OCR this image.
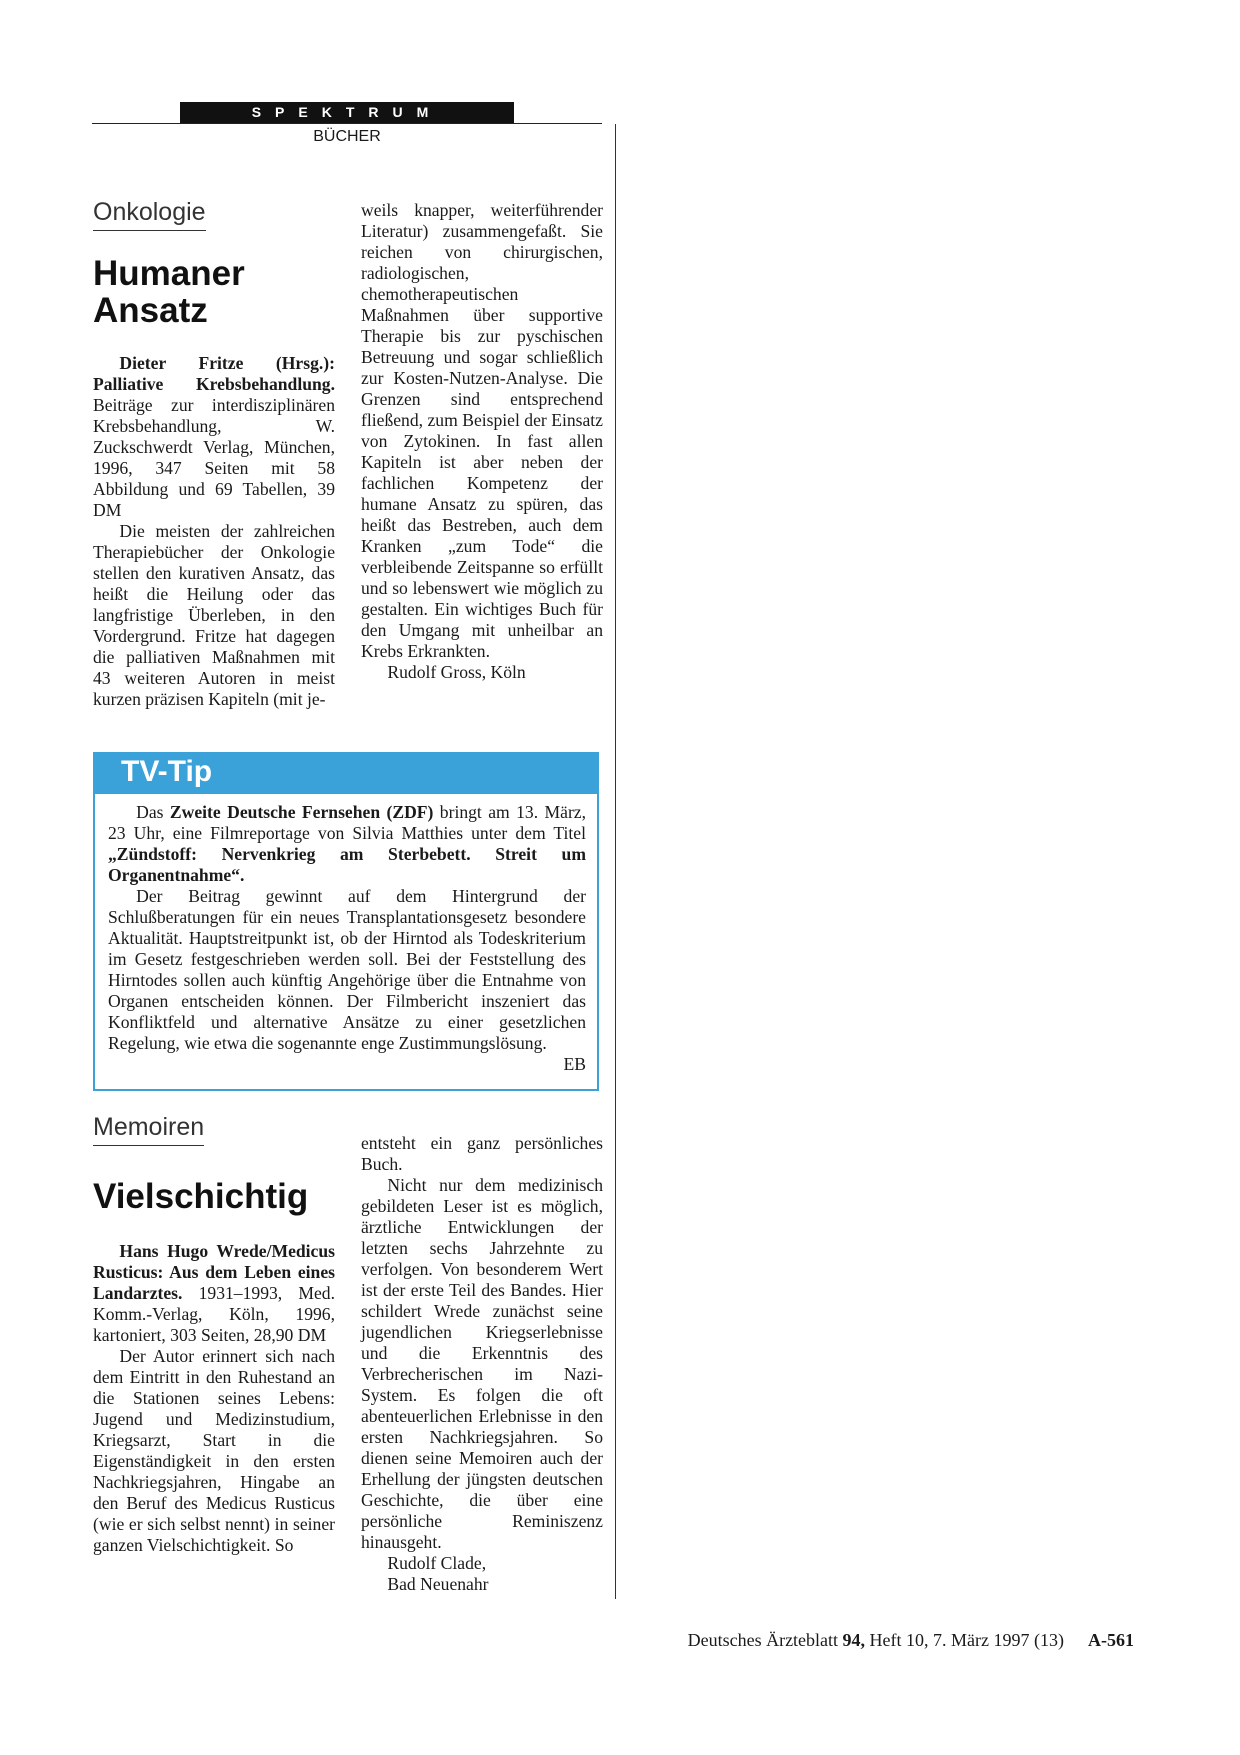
SPEKTRUM
BÜCHER
Onkologie
Humaner
Ansatz

Dieter Fritze (Hrsg.): Palliative Krebsbehandlung. Beiträge zur interdisziplinären Krebsbehandlung, W. Zuckschwerdt Verlag, München, 1996, 347 Seiten mit 58 Abbildung und 69 Tabellen, 39 DM

Die meisten der zahlreichen Therapiebücher der Onkologie stellen den kurativen Ansatz, das heißt die Heilung oder das langfristige Überleben, in den Vordergrund. Fritze hat dagegen die palliativen Maßnahmen mit 43 weiteren Autoren in meist kurzen präzisen Kapiteln (mit je-

weils knapper, weiterführender Literatur) zusammengefaßt. Sie reichen von chirurgischen, radiologischen, chemotherapeutischen Maßnahmen über supportive Therapie bis zur pyschischen Betreuung und sogar schließlich zur Kosten-Nutzen-Analyse. Die Grenzen sind entsprechend fließend, zum Beispiel der Einsatz von Zytokinen. In fast allen Kapiteln ist aber neben der fachlichen Kompetenz der humane Ansatz zu spüren, das heißt das Bestreben, auch dem Kranken „zum Tode“ die verbleibende Zeitspanne so erfüllt und so lebenswert wie möglich zu gestalten. Ein wichtiges Buch für den Umgang mit unheilbar an Krebs Erkrankten.

Rudolf Gross, Köln

TV-Tip

Das Zweite Deutsche Fernsehen (ZDF) bringt am 13. März, 23 Uhr, eine Filmreportage von Silvia Matthies unter dem Titel „Zündstoff: Nervenkrieg am Sterbebett. Streit um Organentnahme“.

Der Beitrag gewinnt auf dem Hintergrund der Schlußberatungen für ein neues Transplantationsgesetz besondere Aktualität. Hauptstreitpunkt ist, ob der Hirntod als Todeskriterium im Gesetz festgeschrieben werden soll. Bei der Feststellung des Hirntodes sollen auch künftig Angehörige über die Entnahme von Organen entscheiden können. Der Filmbericht inszeniert das Konfliktfeld und alternative Ansätze zu einer gesetzlichen Regelung, wie etwa die sogenannte enge Zustimmungslösung.
EB

Memoiren
Vielschichtig

Hans Hugo Wrede/Medicus Rusticus: Aus dem Leben eines Landarztes. 1931–1993, Med. Komm.-Verlag, Köln, 1996, kartoniert, 303 Seiten, 28,90 DM

Der Autor erinnert sich nach dem Eintritt in den Ruhestand an die Stationen seines Lebens: Jugend und Medizinstudium, Kriegsarzt, Start in die Eigenständigkeit in den ersten Nachkriegsjahren, Hingabe an den Beruf des Medicus Rusticus (wie er sich selbst nennt) in seiner ganzen Vielschichtigkeit. So

entsteht ein ganz persönliches Buch.

Nicht nur dem medizinisch gebildeten Leser ist es möglich, ärztliche Entwicklungen der letzten sechs Jahrzehnte zu verfolgen. Von besonderem Wert ist der erste Teil des Bandes. Hier schildert Wrede zunächst seine jugendlichen Kriegserlebnisse und die Erkenntnis des Verbrecherischen im Nazi-System. Es folgen die oft abenteuerlichen Erlebnisse in den ersten Nachkriegsjahren. So dienen seine Memoiren auch der Erhellung der jüngsten deutschen Geschichte, die über eine persönliche Reminiszenz hinausgeht.

Rudolf Clade,

Bad Neuenahr

Deutsches Ärzteblatt 94, Heft 10, 7. März 1997 (13) A-561
